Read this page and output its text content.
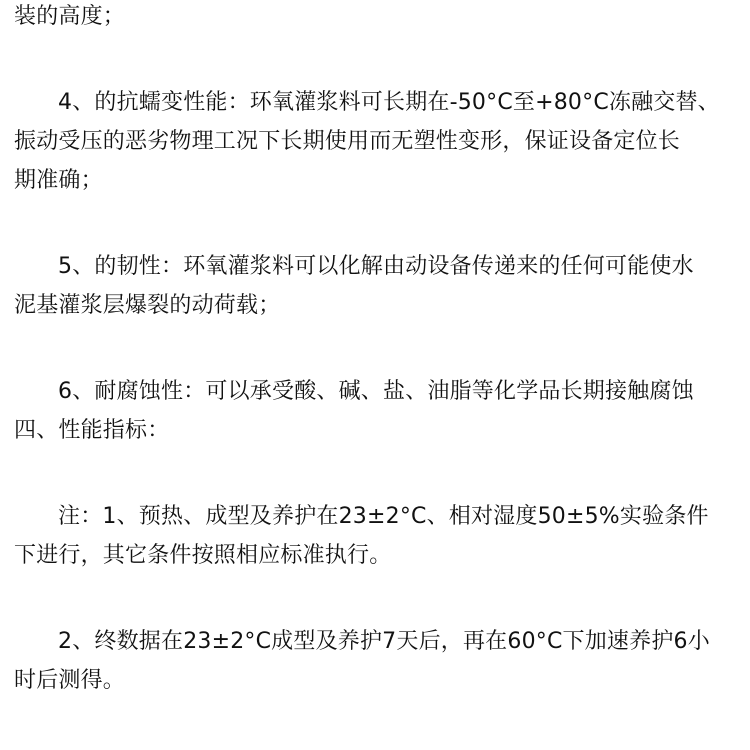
装的高度；
4、的抗蠕变性能：环氧灌浆料可长期在-50°C至+80°C冻融交替、
振动受压的恶劣物理工况下长期使用而无塑性变形，保证设备定位长
期准确；
5、的韧性：环氧灌浆料可以化解由动设备传递来的任何可能使水
泥基灌浆层爆裂的动荷载；
6、耐腐蚀性：可以承受酸、碱、盐、油脂等化学品长期接触腐蚀
四、性能指标：
注：1、预热、成型及养护在23±2°C、相对湿度50±5%实验条件
下进行，其它条件按照相应标准执行。
2、终数据在23±2°C成型及养护7天后，再在60°C下加速养护6小
时后测得。
